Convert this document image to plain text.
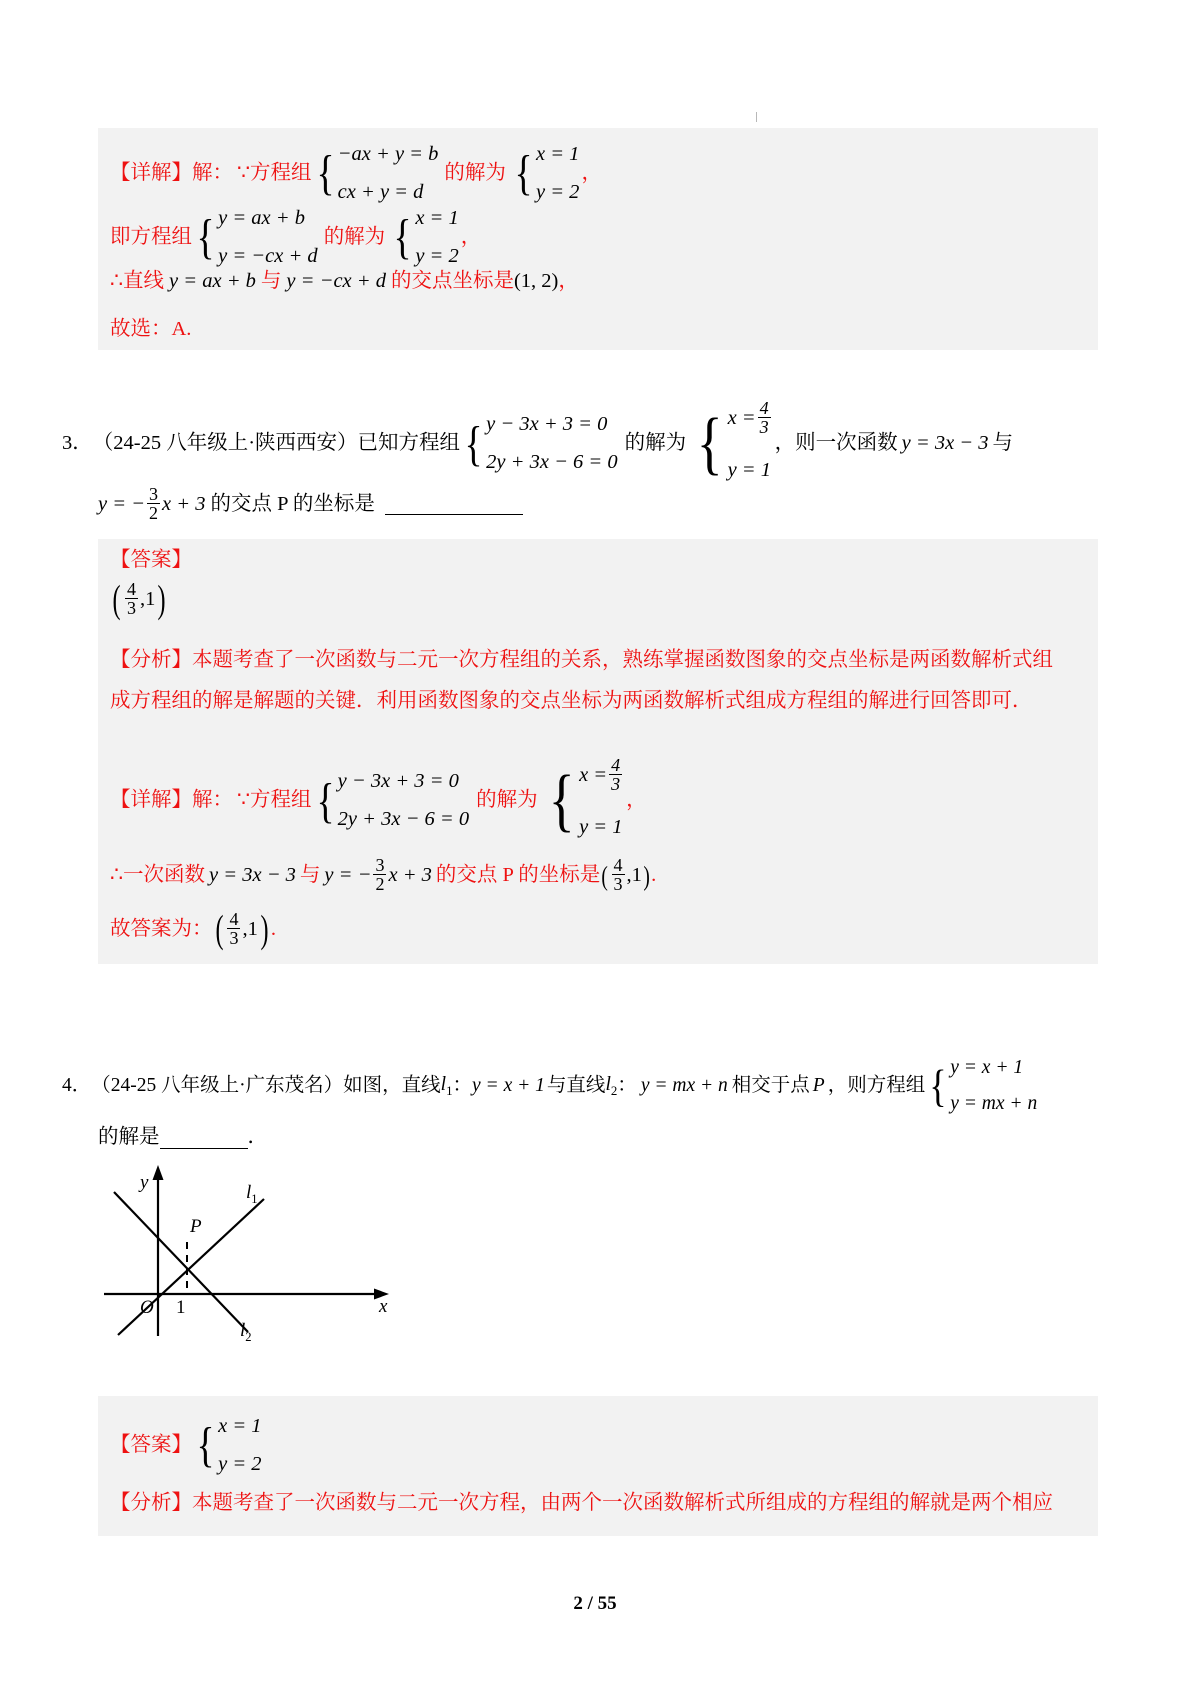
【详解】 解： ∵ 方程组 { −ax + y = b
cx + y = d
的解为 { x = 1
y = 2
，
即方程组 { y = ax + b
y = −cx + d
的解为 { x = 1
y = 2
，
∴ 直线 y = ax + b 与 y = −cx + d 的交点坐标是 (1, 2) ，
故选：A.
3． （24-25 八年级上·陕西西安） 已知方程组 { y − 3x + 3 = 0
2y + 3x − 6 = 0
的解为 { $x = \frac{4}{3}$
y = 1
，则一次函数 y = 3x − 3 与
y = − $\frac{3}{2}$ x + 3 的交点 P 的坐标是
【答案】
( $\frac{4}{3}$ , 1 )
【分析】本题考查了一次函数与二元一次方程组的关系，熟练掌握函数图象的交点坐标是两函数解析式组
成方程组的解是解题的关键．利用函数图象的交点坐标为两函数解析式组成方程组的解进行回答即可．
【详解】 解： ∵ 方程组 { y − 3x + 3 = 0
2y + 3x − 6 = 0
的解为 { $x = \frac{4}{3}$
y = 1
，
∴ 一次函数 y = 3x − 3 与 y = − $\frac{3}{2}$ x + 3 的交点 P 的坐标是 ( $\frac{4}{3}$ , 1 ) .
故答案为： ( $\frac{4}{3}$ , 1 ) .
4． （24-25 八年级上·广东茂名） 如图，直线 $l_1$ ： y = x + 1 与直线 $l_2$ ： y = mx + n 相交于点 P ，则方程组 { y = x + 1
y = mx + n
的解是	．
y
x
O 1
P
$l_1$
$l_2$
【答案】 { x = 1
y = 2
【分析】本题考查了一次函数与二元一次方程，由两个一次函数解析式所组成的方程组的解就是两个相应
2 / 55
